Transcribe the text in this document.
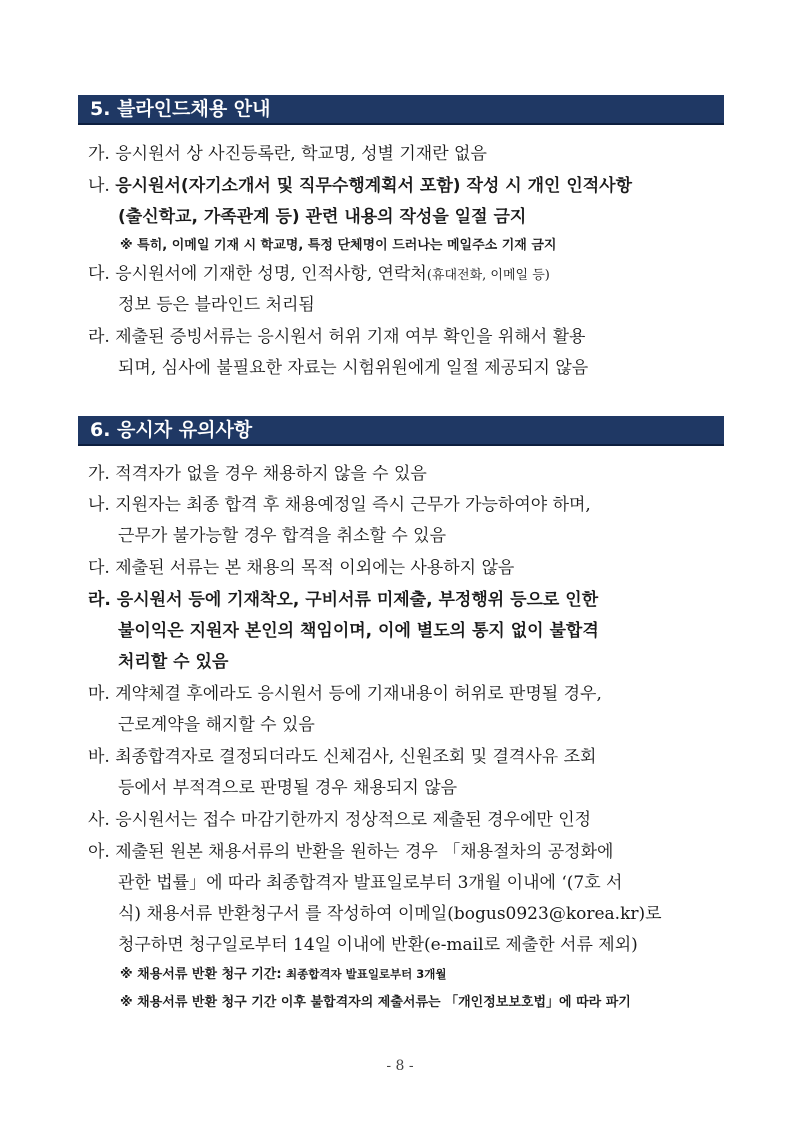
5. 블라인드채용 안내
가. 응시원서 상 사진등록란, 학교명, 성별 기재란 없음
나. 응시원서(자기소개서 및 직무수행계획서 포함) 작성 시 개인 인적사항
(출신학교, 가족관계 등) 관련 내용의 작성을 일절 금지
※ 특히, 이메일 기재 시 학교명, 특정 단체명이 드러나는 메일주소 기재 금지
다. 응시원서에 기재한 성명, 인적사항, 연락처(휴대전화, 이메일 등)
정보 등은 블라인드 처리됨
라. 제출된 증빙서류는 응시원서 허위 기재 여부 확인을 위해서 활용
되며, 심사에 불필요한 자료는 시험위원에게 일절 제공되지 않음
6. 응시자 유의사항
가. 적격자가 없을 경우 채용하지 않을 수 있음
나. 지원자는 최종 합격 후 채용예정일 즉시 근무가 가능하여야 하며,
근무가 불가능할 경우 합격을 취소할 수 있음
다. 제출된 서류는 본 채용의 목적 이외에는 사용하지 않음
라. 응시원서 등에 기재착오, 구비서류 미제출, 부정행위 등으로 인한
불이익은 지원자 본인의 책임이며, 이에 별도의 통지 없이 불합격
처리할 수 있음
마. 계약체결 후에라도 응시원서 등에 기재내용이 허위로 판명될 경우,
근로계약을 해지할 수 있음
바. 최종합격자로 결정되더라도 신체검사, 신원조회 및 결격사유 조회
등에서 부적격으로 판명될 경우 채용되지 않음
사. 응시원서는 접수 마감기한까지 정상적으로 제출된 경우에만 인정
아. 제출된 원본 채용서류의 반환을 원하는 경우 「채용절차의 공정화에
관한 법률」에 따라 최종합격자 발표일로부터 3개월 이내에 ‘(7호 서
식) 채용서류 반환청구서 를 작성하여 이메일(bogus0923@korea.kr)로
청구하면 청구일로부터 14일 이내에 반환(e-mail로 제출한 서류 제외)
※ 채용서류 반환 청구 기간: 최종합격자 발표일로부터 3개월
※ 채용서류 반환 청구 기간 이후 불합격자의 제출서류는 「개인정보보호법」에 따라 파기
- 8 -
